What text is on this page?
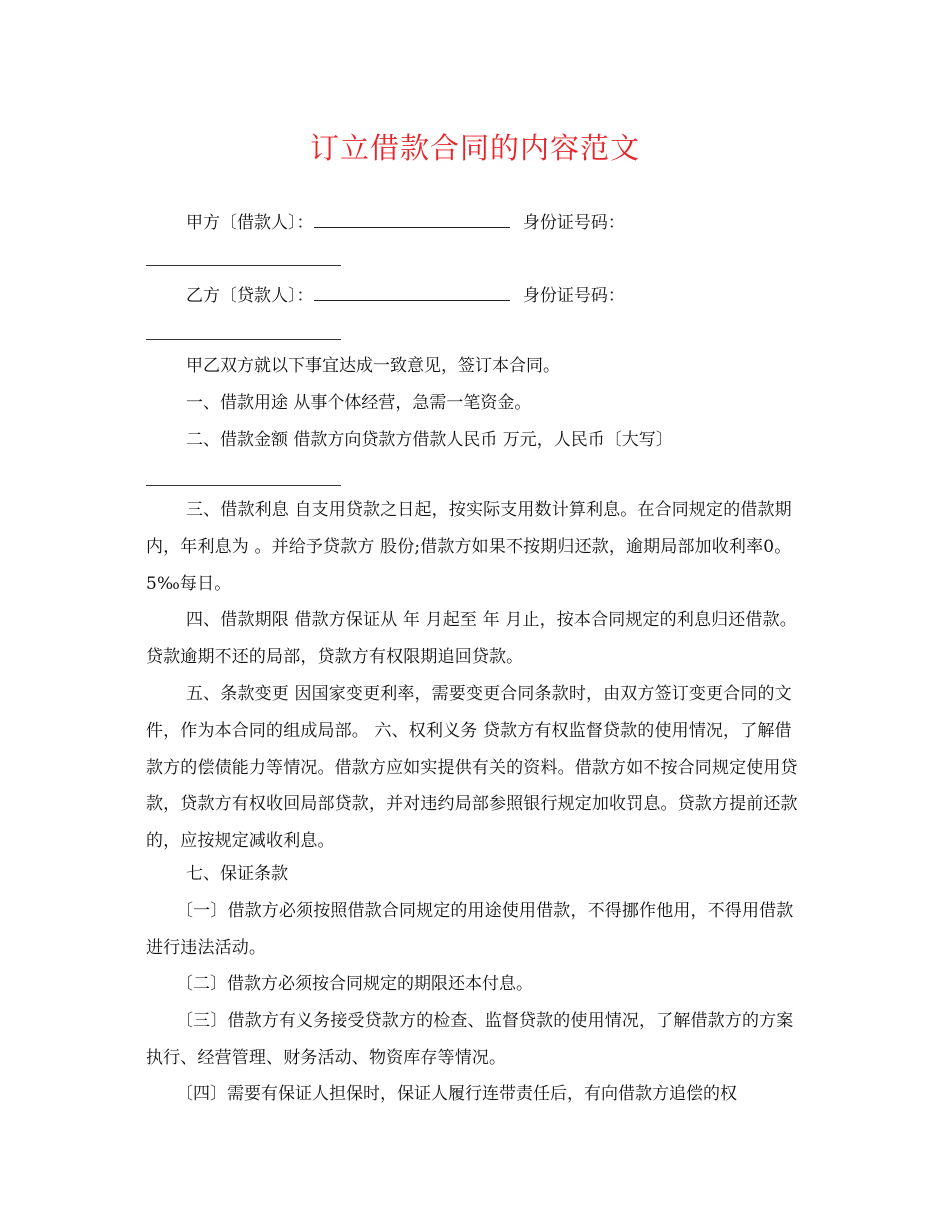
订立借款合同的内容范文
甲方〔借款人〕：	身份证号码：
乙方〔贷款人〕：	身份证号码：
甲乙双方就以下事宜达成一致意见，签订本合同。
一、借款用途 从事个体经营，急需一笔资金。
二、借款金额 借款方向贷款方借款人民币 万元，人民币〔大写〕
三、借款利息 自支用贷款之日起，按实际支用数计算利息。在合同规定的借款期内，年利息为 。并给予贷款方 股份;借款方如果不按期归还款，逾期局部加收利率0。5‰每日。
四、借款期限 借款方保证从 年 月起至 年 月止，按本合同规定的利息归还借款。贷款逾期不还的局部，贷款方有权限期追回贷款。
五、条款变更 因国家变更利率，需要变更合同条款时，由双方签订变更合同的文件，作为本合同的组成局部。 六、权利义务 贷款方有权监督贷款的使用情况，了解借款方的偿债能力等情况。借款方应如实提供有关的资料。借款方如不按合同规定使用贷款，贷款方有权收回局部贷款，并对违约局部参照银行规定加收罚息。贷款方提前还款的，应按规定减收利息。
七、保证条款
〔一〕借款方必须按照借款合同规定的用途使用借款，不得挪作他用，不得用借款进行违法活动。
〔二〕借款方必须按合同规定的期限还本付息。
〔三〕借款方有义务接受贷款方的检查、监督贷款的使用情况，了解借款方的方案执行、经营管理、财务活动、物资库存等情况。
〔四〕需要有保证人担保时，保证人履行连带责任后，有向借款方追偿的权
